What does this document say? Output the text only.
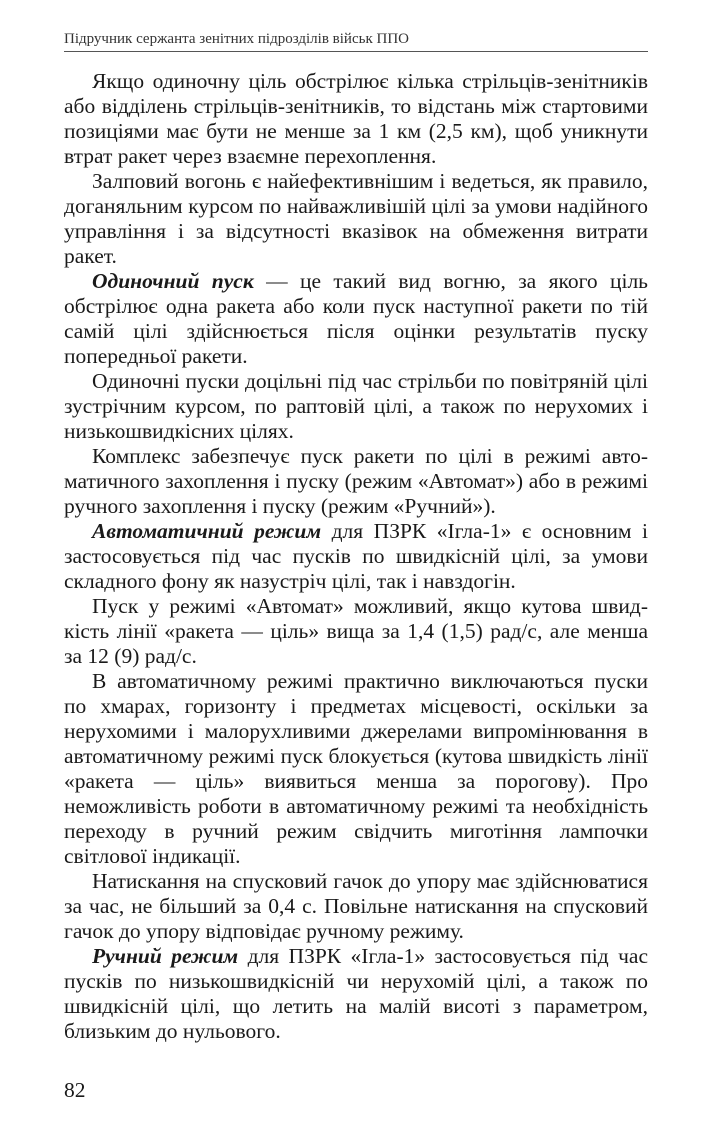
Підручник сержанта зенітних підрозділів військ ППО

Якщо одиночну ціль обстрілює кілька стрільців-зенітників або відділень стрільців-зенітників, то відстань між стартовими позиціями має бути не менше за 1 км (2,5 км), щоб уникнути втрат ракет через взаємне перехоплення.

Залповий вогонь є найефективнішим і ведеться, як правило, доганяльним курсом по найважливішій цілі за умови надійного управління і за відсутності вказівок на обмеження витрати ракет.

Одиночний пуск — це такий вид вогню, за якого ціль обстрілює одна ракета або коли пуск наступної ракети по тій самій цілі здійснюється після оцінки результатів пуску попередньої ракети.

Одиночні пуски доцільні під час стрільби по повітряній цілі зустрічним курсом, по раптовій цілі, а також по нерухомих і низькошвидкісних цілях.

Комплекс забезпечує пуск ракети по цілі в режимі автоматичного захоплення і пуску (режим «Автомат») або в режимі ручного захоплення і пуску (режим «Ручний»).

Автоматичний режим для ПЗРК «Ігла-1» є основним і застосовується під час пусків по швидкісній цілі, за умови складного фону як назустріч цілі, так і навздогін.

Пуск у режимі «Автомат» можливий, якщо кутова швидкість лінії «ракета — ціль» вища за 1,4 (1,5) рад/с, але менша за 12 (9) рад/с.

В автоматичному режимі практично виключаються пуски по хмарах, горизонту і предметах місцевості, оскільки за нерухомими і малорухливими джерелами випромінювання в автоматичному режимі пуск блокується (кутова швидкість лінії «ракета — ціль» виявиться менша за порогову). Про неможливість роботи в автоматичному режимі та необхідність переходу в ручний режим свідчить миготіння лампочки світлової індикації.

Натискання на спусковий гачок до упору має здійснюватися за час, не більший за 0,4 с. Повільне натискання на спусковий гачок до упору відповідає ручному режиму.

Ручний режим для ПЗРК «Ігла-1» застосовується під час пусків по низькошвидкісній чи нерухомій цілі, а також по швидкісній цілі, що летить на малій висоті з параметром, близьким до нульового.

82
